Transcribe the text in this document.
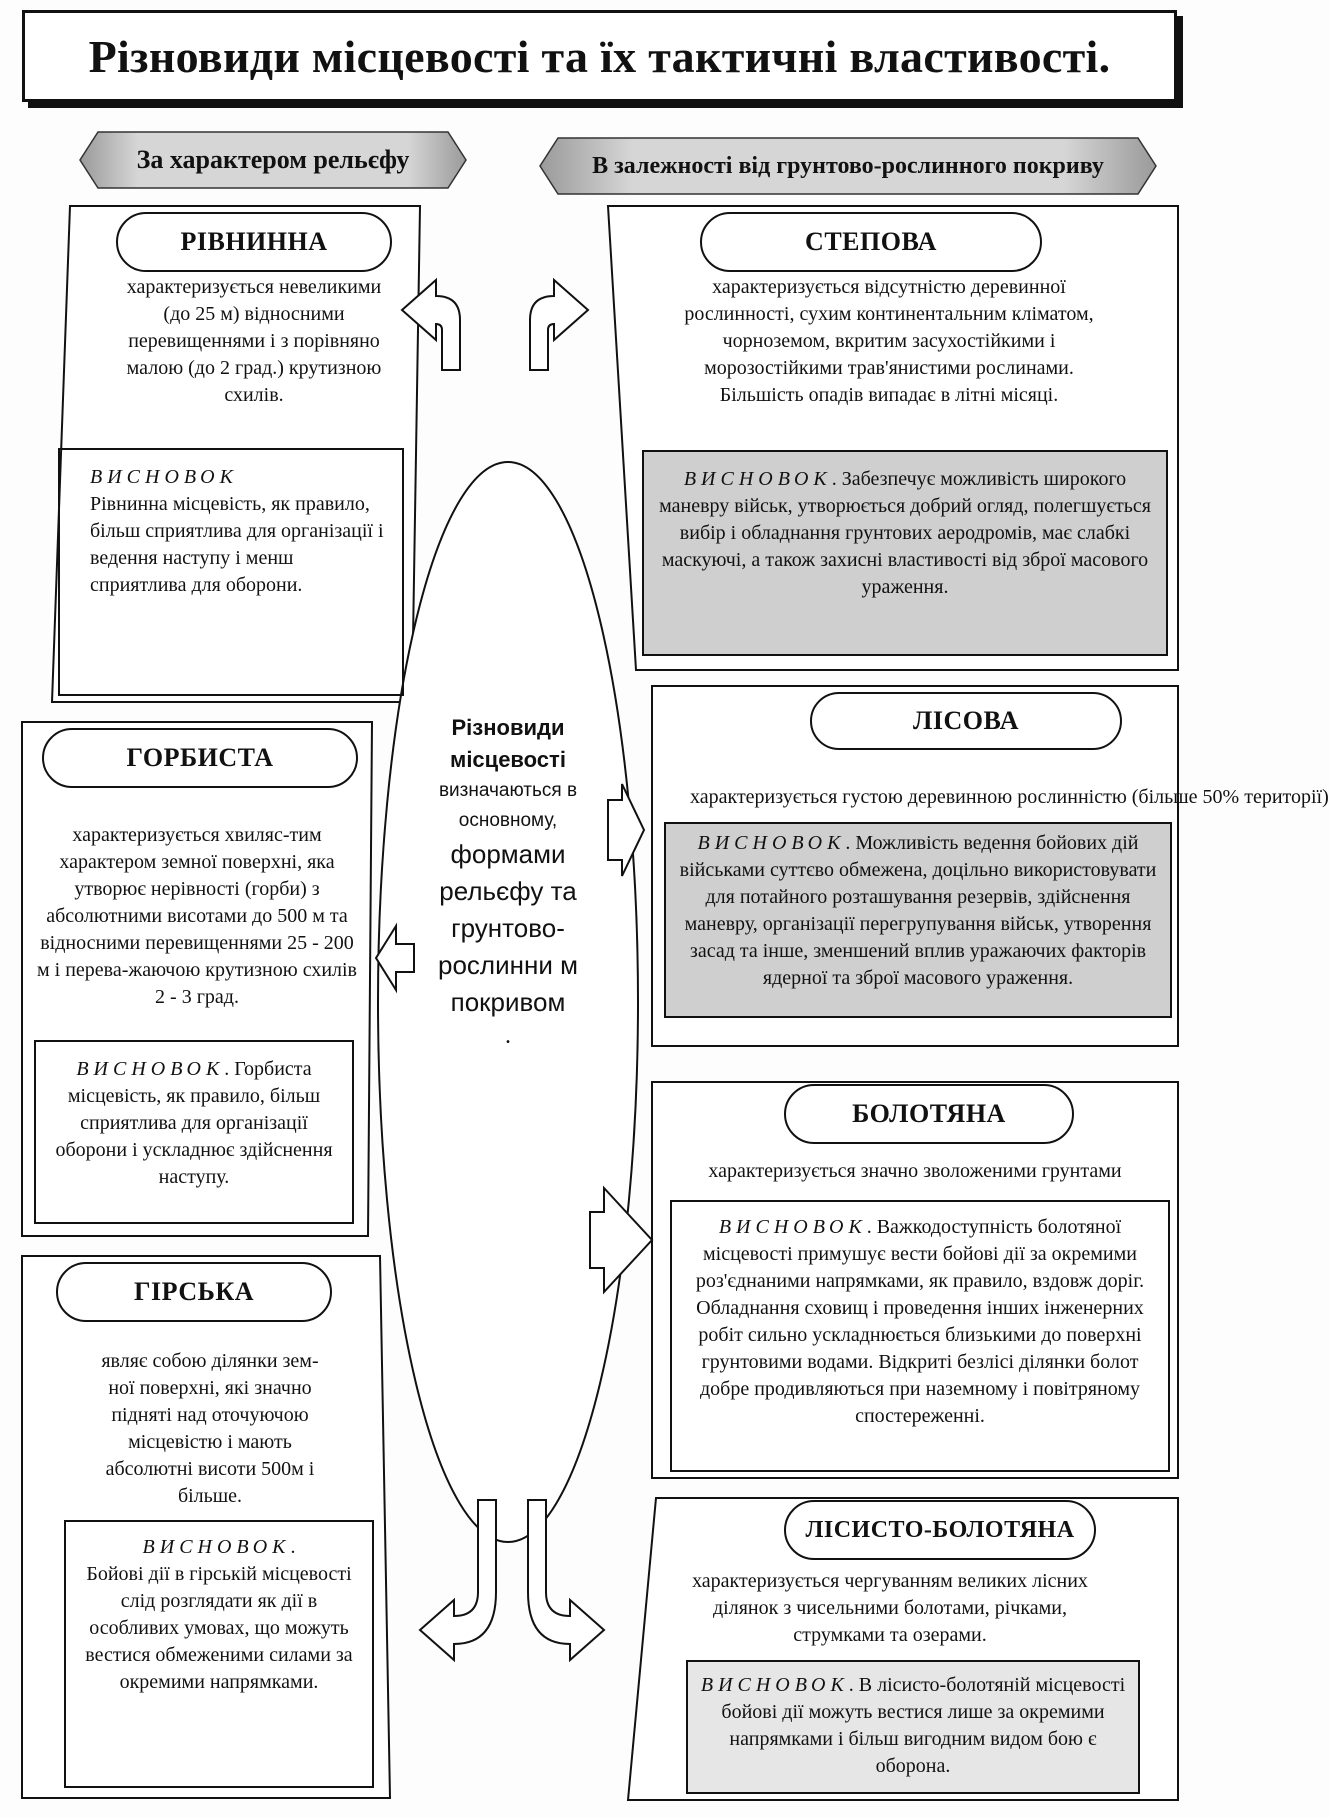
Різновиди місцевості та їх тактичні властивості.
За характером рельєфу	В залежності від грунтово-рослинного покриву
РІВНИННА
характеризується невеликими (до 25 м) відносними перевищеннями і з порівняно малою (до 2 град.) крутизною схилів.
ВИСНОВОК
Рівнинна місцевість, як правило, більш сприятлива для організації і ведення наступу і менш сприятлива для оборони.
ГОРБИСТА
характеризується хвиляс-тим характером земної поверхні, яка утворює нерівності (горби) з абсолютними висотами до 500 м та відносними перевищеннями 25 - 200 м і перева-жаючою крутизною схилів 2 - 3 град.
ВИСНОВОК. Горбиста місцевість, як правило, більш сприятлива для організації оборони і ускладнює здійснення наступу.
ГІРСЬКА
являє собою ділянки зем-ної поверхні, які значно підняті над оточуючою місцевістю і мають абсолютні висоти 500м і більше.
ВИСНОВОК.
Бойові дії в гірській місцевості слід розглядати як дії в особливих умовах, що можуть вестися обмеженими силами за окремими напрямками.
Різновиди місцевості
визначаються в основному,
формами рельєфу та грунтово-рослинни м покривом
.
СТЕПОВА
характеризується відсутністю деревинної рослинності, сухим континентальним кліматом, чорноземом, вкритим засухостійкими і морозостійкими трав'янистими рослинами. Більшість опадів випадає в літні місяці.
ВИСНОВОК. Забезпечує можливість широкого маневру військ, утворюється добрий огляд, полегшується вибір і обладнання грунтових аеродромів, має слабкі маскуючі, а також захисні властивості від зброї масового ураження.
ЛІСОВА
характеризується густою деревинною рослинністю (більше 50% території)
ВИСНОВОК. Можливість ведення бойових дій військами суттєво обмежена, доцільно використовувати для потайного розташування резервів, здійснення маневру, організації перегрупування військ, утворення засад та інше, зменшений вплив уражаючих факторів ядерної та зброї масового ураження.
БОЛОТЯНА
характеризується значно зволоженими грунтами
ВИСНОВОК. Важкодоступність болотяної місцевості примушує вести бойові дії за окремими роз'єднаними напрямками, як правило, вздовж доріг. Обладнання сховищ і проведення інших інженерних робіт сильно ускладнюється близькими до поверхні грунтовими водами. Відкриті безлісі ділянки болот добре продивляються при наземному і повітряному спостереженні.
ЛІСИСТО-БОЛОТЯНА
характеризується чергуванням великих лісних ділянок з чисельними болотами, річками, струмками та озерами.
ВИСНОВОК. В лісисто-болотяній місцевості бойові дії можуть вестися лише за окремими напрямками і більш вигодним видом бою є оборона.
